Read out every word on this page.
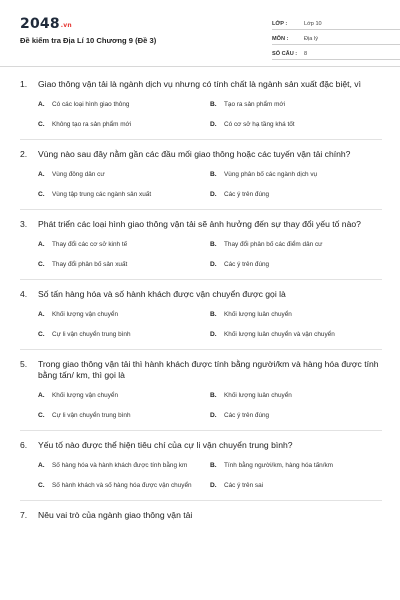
2048.vn
Đề kiểm tra Địa Lí 10 Chương 9 (Đề 3)
LỚP :	Lớp 10
MÔN :	Địa lý
SỐ CÂU :	8
1.	Giao thông vận tải là ngành dịch vụ nhưng có tính chất là ngành sản xuất đặc biệt, vì
A.	Có các loại hình giao thông	B.	Tạo ra sản phẩm mới
C.	Không tạo ra sản phẩm mới	D.	Có cơ sở hạ tầng khá tốt
2.	Vùng nào sau đây nằm gần các đầu mối giao thông hoặc các tuyến vận tải chính?
A.	Vùng đông dân cư	B.	Vùng phân bố các ngành dịch vụ
C.	Vùng tập trung các ngành sản xuất	D.	Các ý trên đúng
3.	Phát triển các loại hình giao thông vận tải sẽ ảnh hưởng đến sự thay đổi yếu tố nào?
A.	Thay đổi các cơ sở kinh tế	B.	Thay đổi phân bố các điểm dân cư
C.	Thay đổi phân bố sản xuất	D.	Các ý trên đúng
4.	Số tấn hàng hóa và số hành khách được vận chuyển được gọi là
A.	Khối lượng vận chuyển	B.	Khối lượng luân chuyển
C.	Cự li vận chuyển trung bình	D.	Khối lượng luân chuyển và vận chuyển
5.	Trong giao thông vận tải thì hành khách được tính bằng người/km và hàng hóa được tính bằng tấn/ km, thì gọi là
A.	Khối lượng vận chuyển	B.	Khối lượng luân chuyển
C.	Cự li vận chuyển trung bình	D.	Các ý trên đúng
6.	Yếu tố nào được thể hiện tiêu chí của cự li vận chuyển trung bình?
A.	Số hàng hóa và hành khách được tính bằng km	B.	Tính bằng người/km, hàng hóa tấn/km
C.	Số hành khách và số hàng hóa được vận chuyển	D.	Các ý trên sai
7.	Nêu vai trò của ngành giao thông vận tải
